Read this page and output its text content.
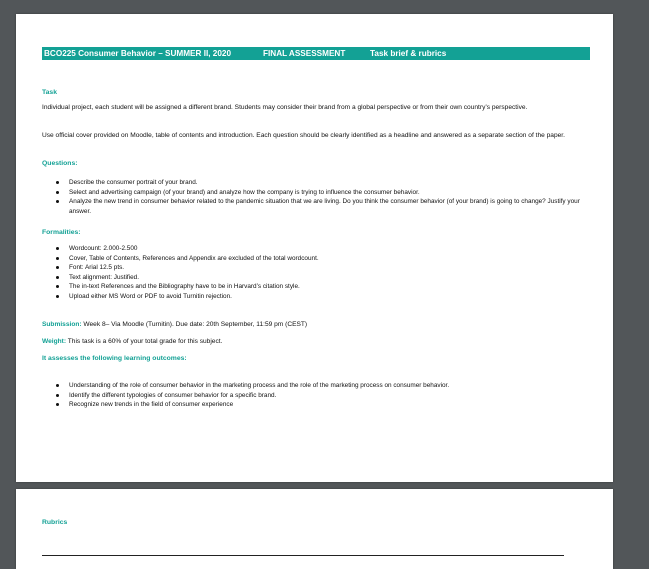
BCO225 Consumer Behavior – SUMMER II, 2020	FINAL ASSESSMENT	Task brief & rubrics
Task
Individual project, each student will be assigned a different brand. Students may consider their brand from a global perspective or from their own country’s perspective.
Use official cover provided on Moodle, table of contents and introduction. Each question should be clearly identified as a headline and answered as a separate section of the paper.
Questions:
Describe the consumer portrait of your brand.
Select and advertising campaign (of your brand) and analyze how the company is trying to influence the consumer behavior.
Analyze the new trend in consumer behavior related to the pandemic situation that we are living. Do you think the consumer behavior (of your brand) is going to change? Justify your answer.
Formalities:
Wordcount: 2.000-2.500
Cover, Table of Contents, References and Appendix are excluded of the total wordcount.
Font: Arial 12.5 pts.
Text alignment: Justified.
The in-text References and the Bibliography have to be in Harvard’s citation style.
Upload either MS Word or PDF to avoid Turnitin rejection.
Submission: Week 8– Via Moodle (Turnitin). Due date: 20th September, 11:59 pm (CEST)
Weight: This task is a 60% of your total grade for this subject.
It assesses the following learning outcomes:
Understanding of the role of consumer behavior in the marketing process and the role of the marketing process on consumer behavior.
Identify the different typologies of consumer behavior for a specific brand.
Recognize new trends in the field of consumer experience
Rubrics
